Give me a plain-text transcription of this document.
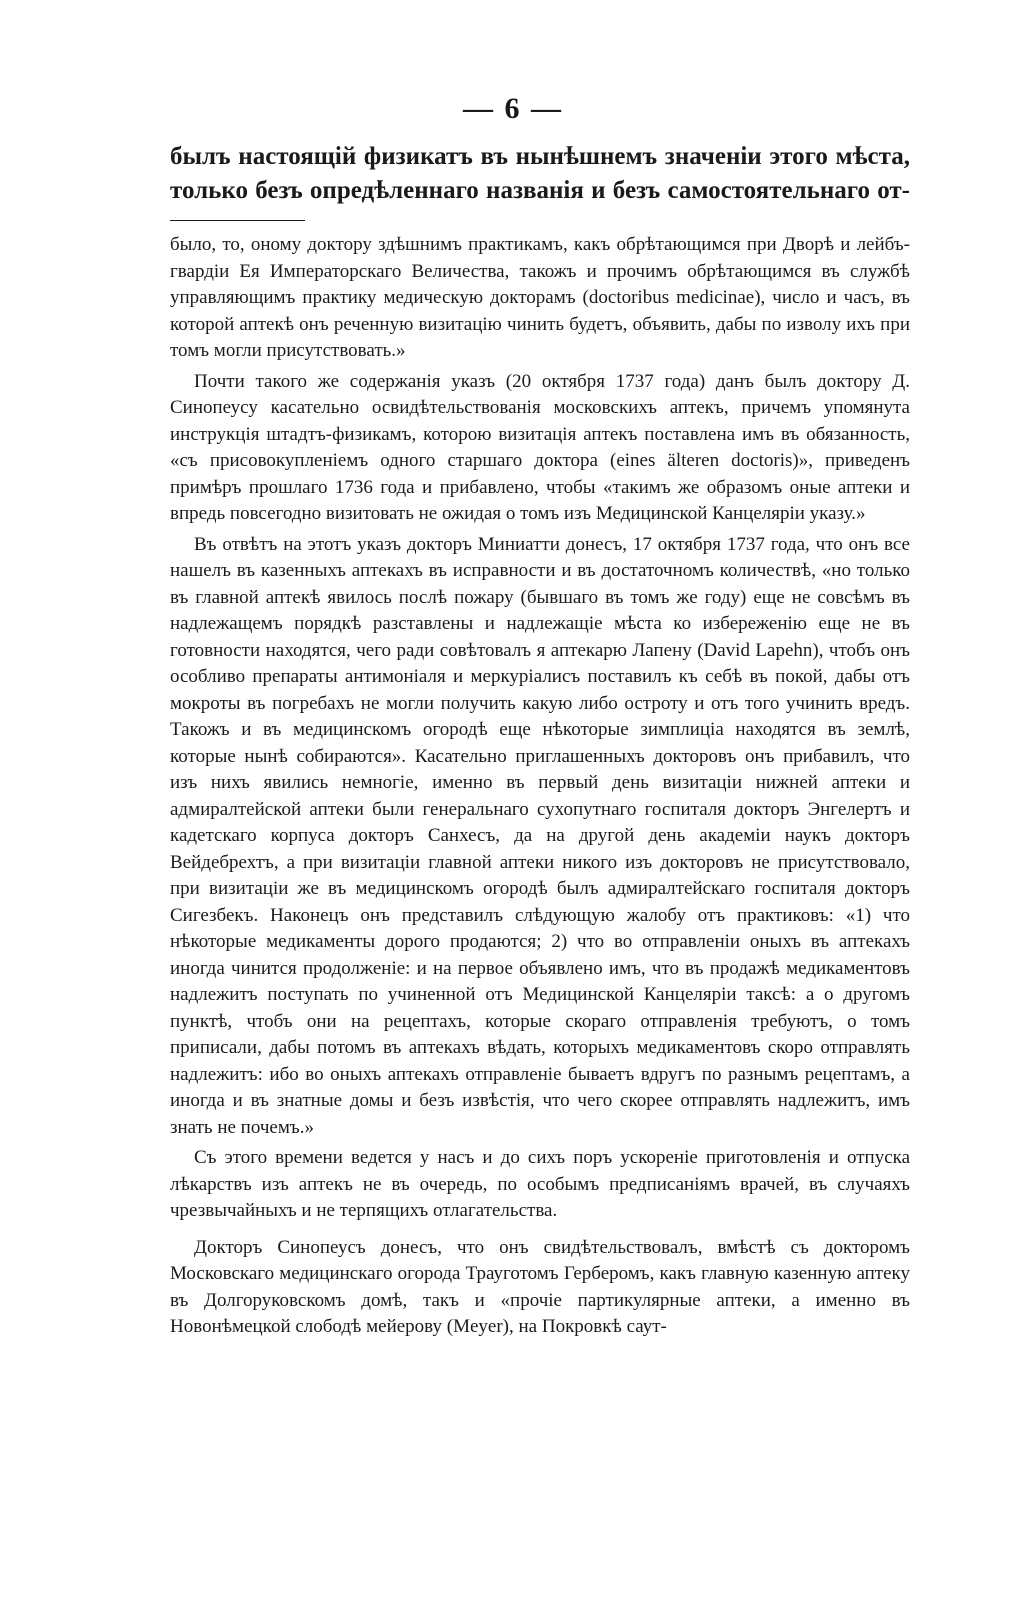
— 6 —
былъ настоящій физикатъ въ нынѣшнемъ значеніи этого мѣста,
только безъ опредѣленнаго названія и безъ самостоятельнаго от-

было, то, оному доктору здѣшнимъ практикамъ, какъ обрѣтающимся при Дворѣ и лейбъ-гвардіи Ея Императорскаго Величества, такожъ и прочимъ обрѣтающимся въ службѣ управляющимъ практику медическую докторамъ (doctoribus medicinae), число и часъ, въ которой аптекѣ онъ реченную визитацію чинить будетъ, объявить, дабы по изволу ихъ при томъ могли присутствовать.»

Почти такого же содержанія указъ (20 октября 1737 года) данъ былъ доктору Д. Синопеусу касательно освидѣтельствованія московскихъ аптекъ, причемъ упомянута инструкція штадтъ-физикамъ, которою визитація аптекъ поставлена имъ въ обязанность, «съ присовокупленіемъ одного старшаго доктора (eines älteren doctoris)», приведенъ примѣръ прошлаго 1736 года и прибавлено, чтобы «такимъ же образомъ оные аптеки и впредь повсегодно визитовать не ожидая о томъ изъ Медицинской Канцеляріи указу.»

Въ отвѣтъ на этотъ указъ докторъ Миниатти донесъ, 17 октября 1737 года, что онъ все нашелъ въ казенныхъ аптекахъ въ исправности и въ достаточномъ количествѣ, «но только въ главной аптекѣ явилось послѣ пожару (бывшаго въ томъ же году) еще не совсѣмъ въ надлежащемъ порядкѣ разставлены и надлежащіе мѣста ко избереженію еще не въ готовности находятся, чего ради совѣтовалъ я аптекарю Лапену (David Lapehn), чтобъ онъ особливо препараты антимоніаля и меркуріалисъ поставилъ къ себѣ въ покой, дабы отъ мокроты въ погребахъ не могли получить какую либо остроту и отъ того учинить вредъ. Такожъ и въ медицинскомъ огородѣ еще нѣкоторые зимплиціа находятся въ землѣ, которые нынѣ собираются». Касательно приглашенныхъ докторовъ онъ прибавилъ, что изъ нихъ явились немногіе, именно въ первый день визитаціи нижней аптеки и адмиралтейской аптеки были генеральнаго сухопутнаго госпиталя докторъ Энгелертъ и кадетскаго корпуса докторъ Санхесъ, да на другой день академіи наукъ докторъ Вейдебрехтъ, а при визитаціи главной аптеки никого изъ докторовъ не присутствовало, при визитаціи же въ медицинскомъ огородѣ былъ адмиралтейскаго госпиталя докторъ Сигезбекъ. Наконецъ онъ представилъ слѣдующую жалобу отъ практиковъ: «1) что нѣкоторые медикаменты дорого продаются; 2) что во отправленіи оныхъ въ аптекахъ иногда чинится продолженіе: и на первое объявлено имъ, что въ продажѣ медикаментовъ надлежитъ поступать по учиненной отъ Медицинской Канцеляріи таксѣ: а о другомъ пунктѣ, чтобъ они на рецептахъ, которые скораго отправленія требуютъ, о томъ приписали, дабы потомъ въ аптекахъ вѣдать, которыхъ медикаментовъ скоро отправлять надлежитъ: ибо во оныхъ аптекахъ отправленіе бываетъ вдругъ по разнымъ рецептамъ, а иногда и въ знатные домы и безъ извѣстія, что чего скорее отправлять надлежитъ, имъ знать не почемъ.»

Съ этого времени ведется у насъ и до сихъ поръ ускореніе приготовленія и отпуска лѣкарствъ изъ аптекъ не въ очередь, по особымъ предписаніямъ врачей, въ случаяхъ чрезвычайныхъ и не терпящихъ отлагательства.

Докторъ Синопеусъ донесъ, что онъ свидѣтельствовалъ, вмѣстѣ съ докторомъ Московскаго медицинскаго огорода Трауготомъ Герберомъ, какъ главную казенную аптеку въ Долгоруковскомъ домѣ, такъ и «прочіе партикулярные аптеки, а именно въ Новонѣмецкой слободѣ мейерову (Meyer), на Покровкѣ саут-
